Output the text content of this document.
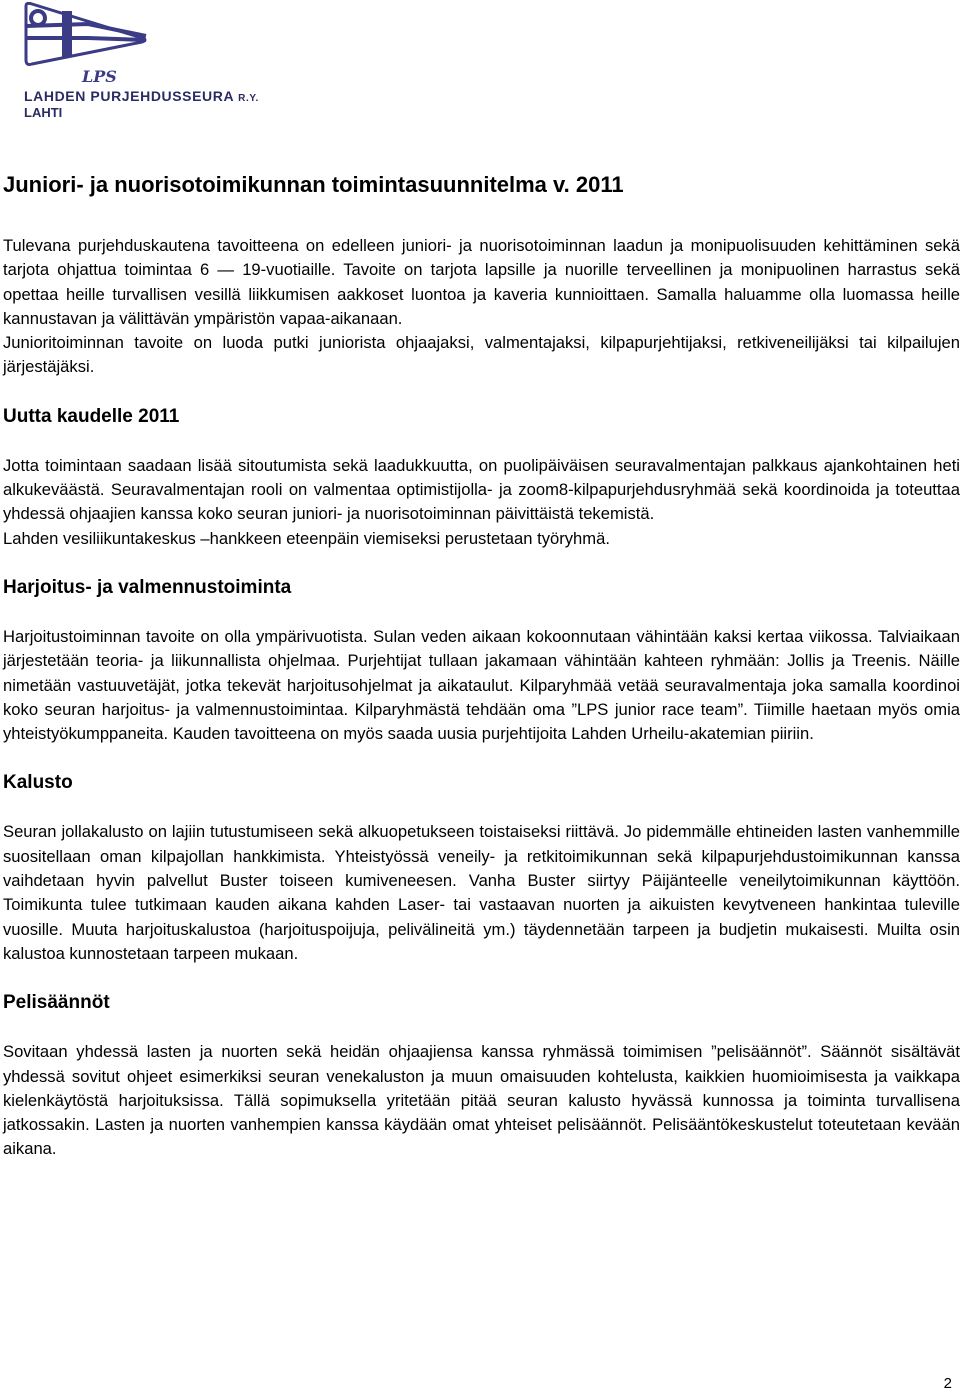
LPS
LAHDEN PURJEHDUSSEURA R.Y.
LAHTI
Juniori- ja nuorisotoimikunnan toimintasuunnitelma v. 2011

Tulevana purjehduskautena tavoitteena on edelleen juniori- ja nuorisotoiminnan laadun ja monipuolisuuden kehittäminen sekä tarjota ohjattua toimintaa 6 — 19-vuotiaille. Tavoite on tarjota lapsille ja nuorille terveellinen ja monipuolinen harrastus sekä opettaa heille turvallisen vesillä liikkumisen aakkoset luontoa ja kaveria kunnioittaen. Samalla haluamme olla luomassa heille kannustavan ja välittävän ympäristön vapaa-aikanaan.

Junioritoiminnan tavoite on luoda putki juniorista ohjaajaksi, valmentajaksi, kilpapurjehtijaksi, retkiveneilijäksi tai kilpailujen järjestäjäksi.

Uutta kaudelle 2011

Jotta toimintaan saadaan lisää sitoutumista sekä laadukkuutta, on puolipäiväisen seuravalmentajan palkkaus ajankohtainen heti alkukeväästä. Seuravalmentajan rooli on valmentaa optimistijolla- ja zoom8-kilpapurjehdusryhmää sekä koordinoida ja toteuttaa yhdessä ohjaajien kanssa koko seuran juniori- ja nuorisotoiminnan päivittäistä tekemistä.

Lahden vesiliikuntakeskus –hankkeen eteenpäin viemiseksi perustetaan työryhmä.

Harjoitus- ja valmennustoiminta

Harjoitustoiminnan tavoite on olla ympärivuotista. Sulan veden aikaan kokoonnutaan vähintään kaksi kertaa viikossa. Talviaikaan järjestetään teoria- ja liikunnallista ohjelmaa. Purjehtijat tullaan jakamaan vähintään kahteen ryhmään: Jollis ja Treenis. Näille nimetään vastuuvetäjät, jotka tekevät harjoitusohjelmat ja aikataulut. Kilparyhmää vetää seuravalmentaja joka samalla koordinoi koko seuran harjoitus- ja valmennustoimintaa. Kilparyhmästä tehdään oma ”LPS junior race team”. Tiimille haetaan myös omia yhteistyökumppaneita. Kauden tavoitteena on myös saada uusia purjehtijoita Lahden Urheilu-akatemian piiriin.

Kalusto

Seuran jollakalusto on lajiin tutustumiseen sekä alkuopetukseen toistaiseksi riittävä. Jo pidemmälle ehtineiden lasten vanhemmille suositellaan oman kilpajollan hankkimista. Yhteistyössä veneily- ja retkitoimikunnan sekä kilpapurjehdustoimikunnan kanssa vaihdetaan hyvin palvellut Buster toiseen kumiveneesen. Vanha Buster siirtyy Päijänteelle veneilytoimikunnan käyttöön. Toimikunta tulee tutkimaan kauden aikana kahden Laser- tai vastaavan nuorten ja aikuisten kevytveneen hankintaa tuleville vuosille. Muuta harjoituskalustoa (harjoituspoijuja, pelivälineitä ym.) täydennetään tarpeen ja budjetin mukaisesti. Muilta osin kalustoa kunnostetaan tarpeen mukaan.

Pelisäännöt

Sovitaan yhdessä lasten ja nuorten sekä heidän ohjaajiensa kanssa ryhmässä toimimisen ”pelisäännöt”. Säännöt sisältävät yhdessä sovitut ohjeet esimerkiksi seuran venekaluston ja muun omaisuuden kohtelusta, kaikkien huomioimisesta ja vaikkapa kielenkäytöstä harjoituksissa. Tällä sopimuksella yritetään pitää seuran kalusto hyvässä kunnossa ja toiminta turvallisena jatkossakin. Lasten ja nuorten vanhempien kanssa käydään omat yhteiset pelisäännöt. Pelisääntökeskustelut toteutetaan kevään aikana.

2
